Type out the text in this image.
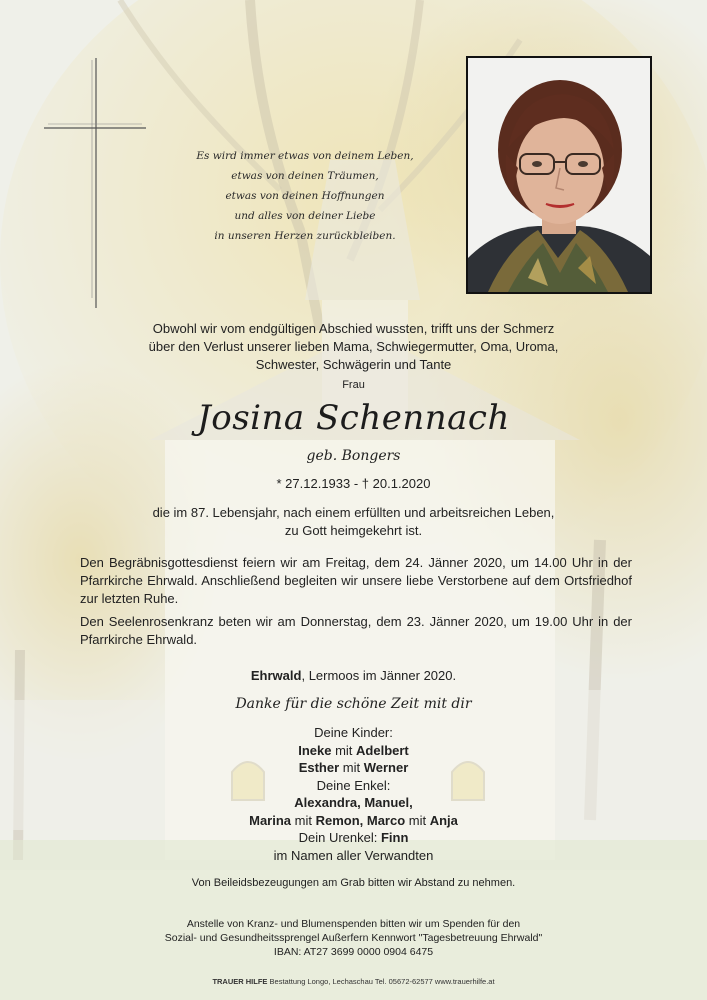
Es wird immer etwas von deinem Leben,
etwas von deinen Träumen,
etwas von deinen Hoffnungen
und alles von deiner Liebe
in unseren Herzen zurückbleiben.
Obwohl wir vom endgültigen Abschied wussten, trifft uns der Schmerz
über den Verlust unserer lieben Mama, Schwiegermutter, Oma, Uroma,
Schwester, Schwägerin und Tante
Frau
Josina Schennach
geb. Bongers
* 27.12.1933 - † 20.1.2020
die im 87. Lebensjahr, nach einem erfüllten und arbeitsreichen Leben,
zu Gott heimgekehrt ist.
Den Begräbnisgottesdienst feiern wir am Freitag, dem 24. Jänner 2020, um 14.00 Uhr in der Pfarrkirche Ehrwald. Anschließend begleiten wir unsere liebe Verstorbene auf dem Ortsfriedhof zur letzten Ruhe.
Den Seelenrosenkranz beten wir am Donnerstag, dem 23. Jänner 2020, um 19.00 Uhr in der Pfarrkirche Ehrwald.
Ehrwald, Lermoos im Jänner 2020.
Danke für die schöne Zeit mit dir
Deine Kinder:
Ineke mit Adelbert
Esther mit Werner
Deine Enkel:
Alexandra, Manuel,
Marina mit Remon, Marco mit Anja
Dein Urenkel: Finn
im Namen aller Verwandten
Von Beileidsbezeugungen am Grab bitten wir Abstand zu nehmen.
Anstelle von Kranz- und Blumenspenden bitten wir um Spenden für den
Sozial- und Gesundheitssprengel Außerfern Kennwort "Tagesbetreuung Ehrwald"
IBAN: AT27 3699 0000 0904 6475
TRAUER HILFE Bestattung Longo, Lechaschau Tel. 05672-62577 www.trauerhilfe.at
